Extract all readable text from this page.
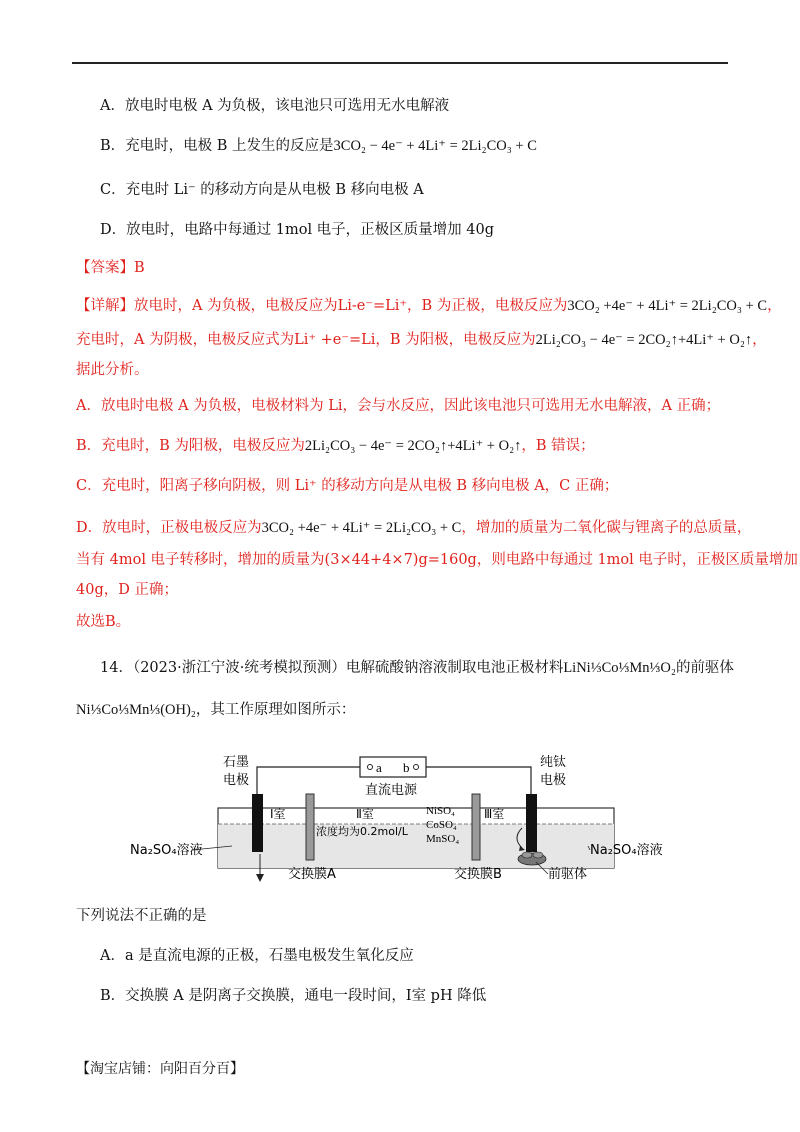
A．放电时电极 A 为负极，该电池只可选用无水电解液
B．充电时，电极 B 上发生的反应是3CO₂ − 4e⁻ + 4Li⁺ = 2Li₂CO₃ + C
C．充电时 Li⁻ 的移动方向是从电极 B 移向电极 A
D．放电时，电路中每通过 1mol 电子，正极区质量增加 40g
【答案】B
【详解】放电时，A 为负极，电极反应为Li-e⁻=Li⁺，B 为正极，电极反应为3CO₂ +4e⁻ + 4Li⁺ = 2Li₂CO₃ + C，
充电时，A 为阴极，电极反应式为Li⁺ +e⁻=Li，B 为阳极，电极反应为2Li₂CO₃ − 4e⁻ = 2CO₂↑+4Li⁺ + O₂↑，
据此分析。
A．放电时电极 A 为负极，电极材料为 Li，会与水反应，因此该电池只可选用无水电解液，A 正确；
B．充电时，B 为阳极，电极反应为2Li₂CO₃ − 4e⁻ = 2CO₂↑+4Li⁺ + O₂↑，B 错误；
C．充电时，阳离子移向阴极，则 Li⁺ 的移动方向是从电极 B 移向电极 A，C 正确；
D．放电时，正极电极反应为3CO₂ +4e⁻ + 4Li⁺ = 2Li₂CO₃ + C，增加的质量为二氧化碳与锂离子的总质量，
当有 4mol 电子转移时，增加的质量为(3×44+4×7)g=160g，则电路中每通过 1mol 电子时，正极区质量增加
40g，D 正确；
故选B。
14．（2023·浙江宁波·统考模拟预测）电解硫酸钠溶液制取电池正极材料LiNi⅓Co⅓Mn⅓O₂的前驱体
Ni⅓Co⅓Mn⅓(OH)₂，其工作原理如图所示：
a b
直流电源
石墨
电极
纯钛
电极
Ⅰ室	Ⅱ室	Ⅲ室
NiSO₄
CoSO₄
MnSO₄
浓度均为0.2mol/L
Na₂SO₄溶液	Na₂SO₄溶液
交换膜A	交换膜B	前驱体
下列说法不正确的是
A．a 是直流电源的正极，石墨电极发生氧化反应
B．交换膜 A 是阴离子交换膜，通电一段时间，Ⅰ室 pH 降低
【淘宝店铺：向阳百分百】
